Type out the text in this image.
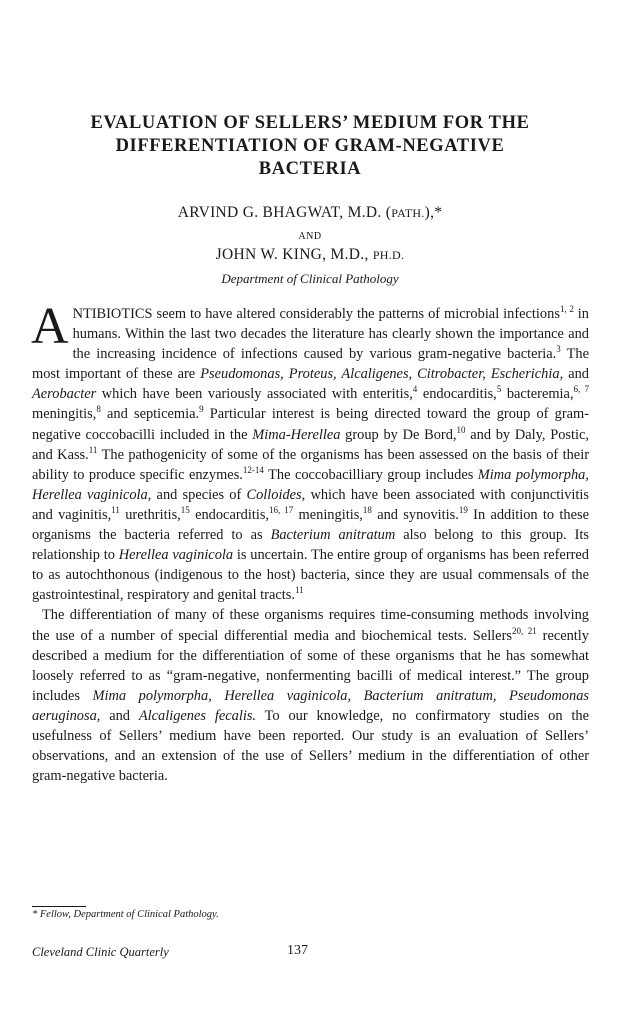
EVALUATION OF SELLERS’ MEDIUM FOR THE
DIFFERENTIATION OF GRAM-NEGATIVE
BACTERIA
ARVIND G. BHAGWAT, M.D. (PATH.),*
AND
JOHN W. KING, M.D., PH.D.
Department of Clinical Pathology

ANTIBIOTICS seem to have altered considerably the patterns of microbial infections$^{1, 2}$ in humans. Within the last two decades the literature has clearly shown the importance and the increasing incidence of infections caused by various gram-negative bacteria.$^3$ The most important of these are Pseudomonas, Proteus, Alcaligenes, Citrobacter, Escherichia, and Aerobacter which have been variously associated with enteritis,$^4$ endocarditis,$^5$ bacteremia,$^{6, 7}$ meningitis,$^8$ and septicemia.$^9$ Particular interest is being directed toward the group of gram-negative coccobacilli included in the Mima-Herellea group by De Bord,$^{10}$ and by Daly, Postic, and Kass.$^{11}$ The pathogenicity of some of the organisms has been assessed on the basis of their ability to produce specific enzymes.$^{12-14}$ The coccobacilliary group includes Mima polymorpha, Herellea vaginicola, and species of Colloides, which have been associated with conjunctivitis and vaginitis,$^{11}$ urethritis,$^{15}$ endocarditis,$^{16, 17}$ meningitis,$^{18}$ and synovitis.$^{19}$ In addition to these organisms the bacteria referred to as Bacterium anitratum also belong to this group. Its relationship to Herellea vaginicola is uncertain. The entire group of organisms has been referred to as autochthonous (indigenous to the host) bacteria, since they are usual commensals of the gastrointestinal, respiratory and genital tracts.$^{11}$

The differentiation of many of these organisms requires time-consuming methods involving the use of a number of special differential media and biochemical tests. Sellers$^{20, 21}$ recently described a medium for the differentiation of some of these organisms that he has somewhat loosely referred to as “gram-negative, nonfermenting bacilli of medical interest.” The group includes Mima polymorpha, Herellea vaginicola, Bacterium anitratum, Pseudomonas aeruginosa, and Alcaligenes fecalis. To our knowledge, no confirmatory studies on the usefulness of Sellers’ medium have been reported. Our study is an evaluation of Sellers’ observations, and an extension of the use of Sellers’ medium in the differentiation of other gram-negative bacteria.

* Fellow, Department of Clinical Pathology.
Cleveland Clinic Quarterly	137
